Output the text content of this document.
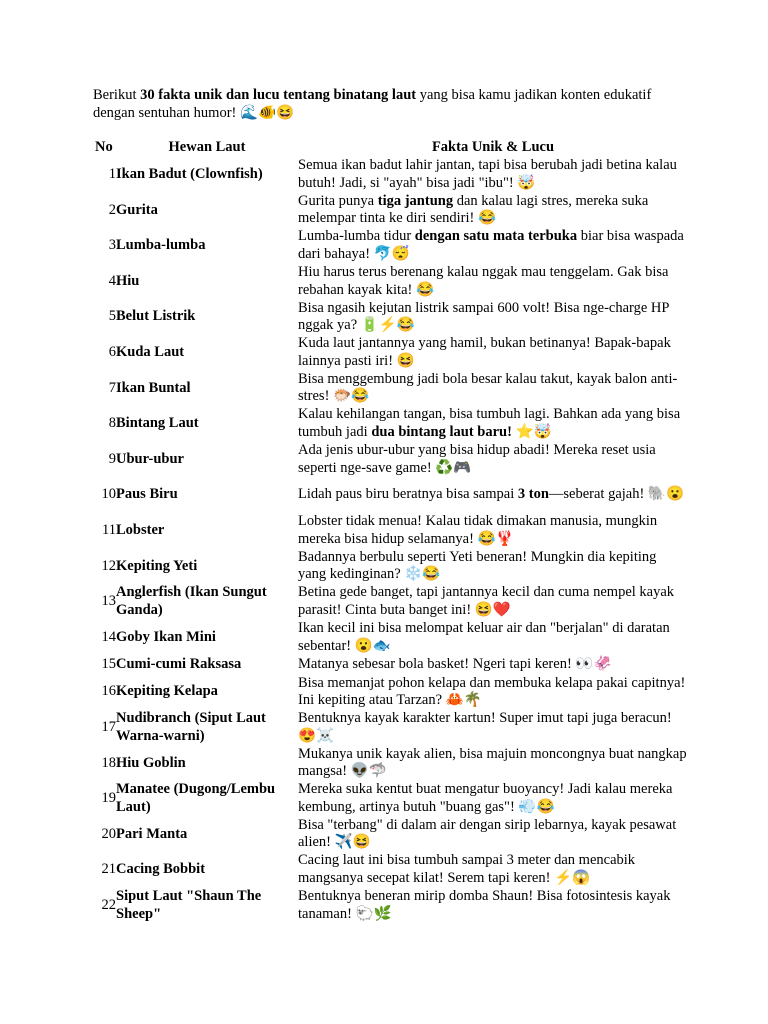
Berikut 30 fakta unik dan lucu tentang binatang laut yang bisa kamu jadikan konten edukatif dengan sentuhan humor! 🌊🐠😆
No	Hewan Laut	Fakta Unik & Lucu
1	Ikan Badut (Clownfish)	Semua ikan badut lahir jantan, tapi bisa berubah jadi betina kalau butuh! Jadi, si "ayah" bisa jadi "ibu"! 🤯
2	Gurita	Gurita punya tiga jantung dan kalau lagi stres, mereka suka melempar tinta ke diri sendiri! 😂
3	Lumba-lumba	Lumba-lumba tidur dengan satu mata terbuka biar bisa waspada dari bahaya! 🐬😴
4	Hiu	Hiu harus terus berenang kalau nggak mau tenggelam. Gak bisa rebahan kayak kita! 😂
5	Belut Listrik	Bisa ngasih kejutan listrik sampai 600 volt! Bisa nge-charge HP nggak ya? 🔋⚡😂
6	Kuda Laut	Kuda laut jantannya yang hamil, bukan betinanya! Bapak-bapak lainnya pasti iri! 😆
7	Ikan Buntal	Bisa menggembung jadi bola besar kalau takut, kayak balon anti-stres! 🐡😂
8	Bintang Laut	Kalau kehilangan tangan, bisa tumbuh lagi. Bahkan ada yang bisa tumbuh jadi dua bintang laut baru! ⭐🤯
9	Ubur-ubur	Ada jenis ubur-ubur yang bisa hidup abadi! Mereka reset usia seperti nge-save game! ♻️🎮
10	Paus Biru	Lidah paus biru beratnya bisa sampai 3 ton—seberat gajah! 🐘😮
11	Lobster	Lobster tidak menua! Kalau tidak dimakan manusia, mungkin mereka bisa hidup selamanya! 😂🦞
12	Kepiting Yeti	Badannya berbulu seperti Yeti beneran! Mungkin dia kepiting yang kedinginan? ❄️😂
13	Anglerfish (Ikan Sungut Ganda)	Betina gede banget, tapi jantannya kecil dan cuma nempel kayak parasit! Cinta buta banget ini! 😆❤️
14	Goby Ikan Mini	Ikan kecil ini bisa melompat keluar air dan "berjalan" di daratan sebentar! 😮🐟
15	Cumi-cumi Raksasa	Matanya sebesar bola basket! Ngeri tapi keren! 👀🦑
16	Kepiting Kelapa	Bisa memanjat pohon kelapa dan membuka kelapa pakai capitnya! Ini kepiting atau Tarzan? 🦀🌴
17	Nudibranch (Siput Laut Warna-warni)	Bentuknya kayak karakter kartun! Super imut tapi juga beracun! 😍☠️
18	Hiu Goblin	Mukanya unik kayak alien, bisa majuin moncongnya buat nangkap mangsa! 👽🦈
19	Manatee (Dugong/Lembu Laut)	Mereka suka kentut buat mengatur buoyancy! Jadi kalau mereka kembung, artinya butuh "buang gas"! 💨😂
20	Pari Manta	Bisa "terbang" di dalam air dengan sirip lebarnya, kayak pesawat alien! ✈️😆
21	Cacing Bobbit	Cacing laut ini bisa tumbuh sampai 3 meter dan mencabik mangsanya secepat kilat! Serem tapi keren! ⚡😱
22	Siput Laut "Shaun The Sheep"	Bentuknya beneran mirip domba Shaun! Bisa fotosintesis kayak tanaman! 🐑🌿
